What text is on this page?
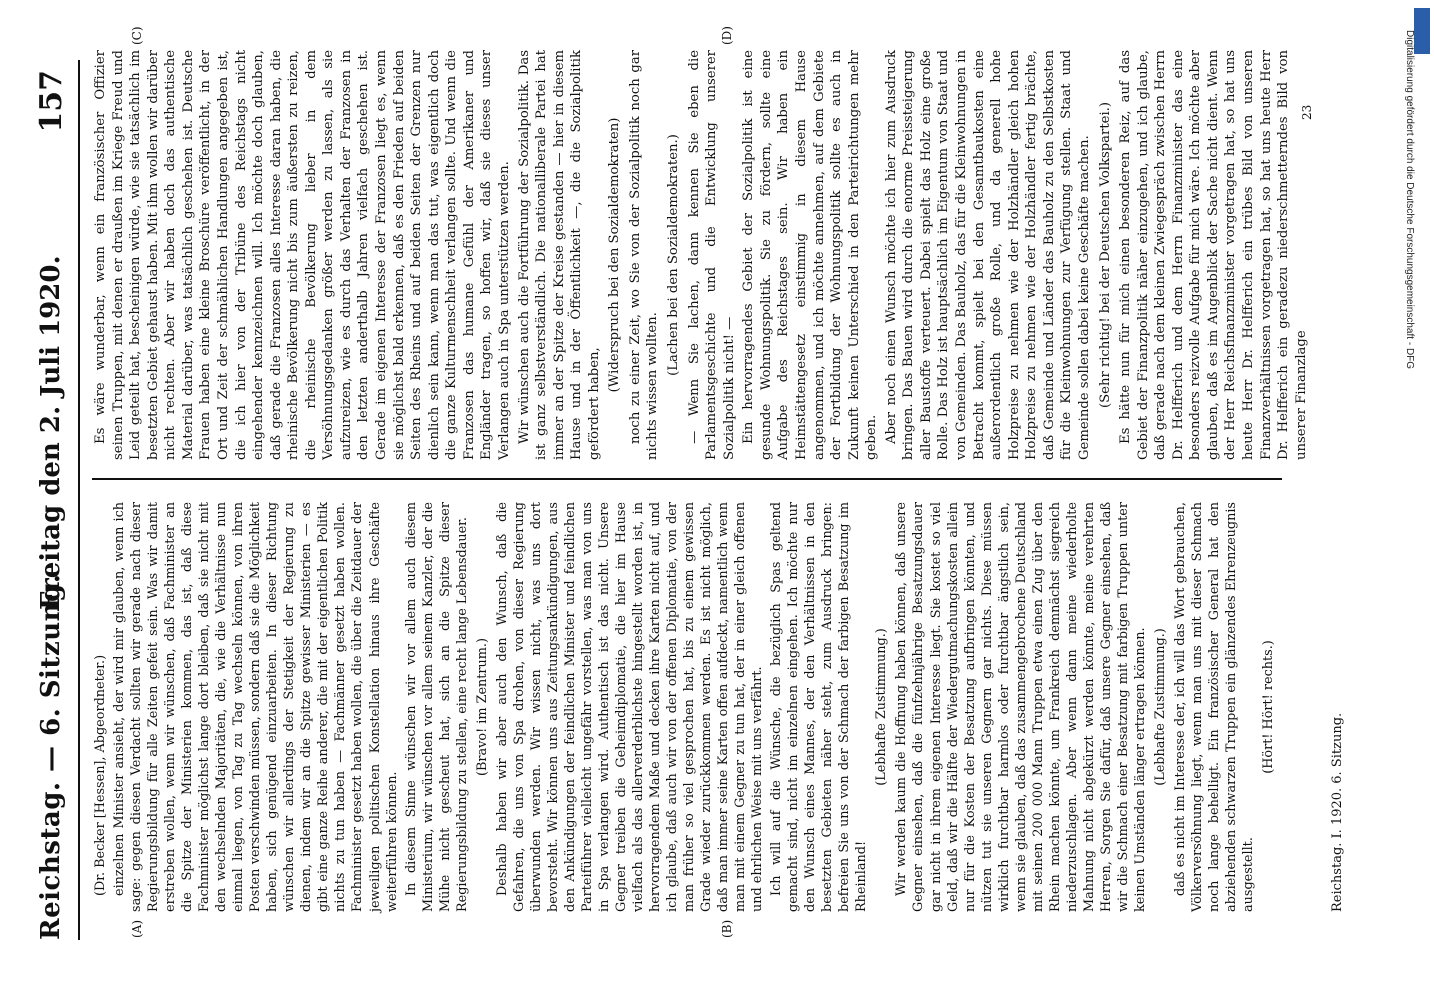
Reichstag. — 6. Sitzung.
Freitag den 2. Juli 1920.
157
(A)	(B)
(C)	(D)

(Dr. Becker [Hessen], Abgeordneter.) einzelnen Minister ansieht, der wird mir glauben, wenn ich sage: gegen diesen Verdacht sollten wir gerade nach dieser Regierungsbildung für alle Zeiten gefeit sein. Was wir damit erstreben wollen, wenn wir wünschen, daß Fachminister an die Spitze der Ministerien kommen, das ist, daß diese Fachminister möglichst lange dort bleiben, daß sie nicht mit den wechselnden Majoritäten, die, wie die Verhältnisse nun einmal liegen, von Tag zu Tag wechseln können, von ihren Posten verschwinden müssen, sondern daß sie die Möglichkeit haben, sich genügend einzuarbeiten. In dieser Richtung wünschen wir allerdings der Stetigkeit der Regierung zu dienen, indem wir an die Spitze gewisser Ministerien — es gibt eine ganze Reihe anderer, die mit der eigentlichen Politik nichts zu tun haben — Fachmänner gesetzt haben wollen. Fachminister gesetzt haben wollen, die über die Zeitdauer der jeweiligen politischen Konstellation hinaus ihre Geschäfte weiterführen können. In diesem Sinne wünschen wir vor allem auch diesem Ministerium, wir wünschen vor allem seinem Kanzler, der die Mühe nicht gescheut hat, sich an die Spitze dieser Regierungsbildung zu stellen, eine recht lange Lebensdauer. (Bravo! im Zentrum.) Deshalb haben wir aber auch den Wunsch, daß die Gefahren, die uns von Spa drohen, von dieser Regierung überwunden werden. Wir wissen nicht, was uns dort bevorsteht. Wir können uns aus Zeitungsankündigungen, aus den Ankündigungen der feindlichen Minister und feindlichen Parteiführer vielleicht ungefähr vorstellen, was man von uns in Spa verlangen wird. Authentisch ist das nicht. Unsere Gegner treiben die Geheimdiplomatie, die hier im Hause vielfach als das allerverderblichste hingestellt worden ist, in hervorragendem Maße und decken ihre Karten nicht auf, und ich glaube, daß auch wir von der offenen Diplomatie, von der man früher so viel gesprochen hat, bis zu einem gewissen Grade wieder zurückkommen werden. Es ist nicht möglich, daß man immer seine Karten offen aufdeckt, namentlich wenn man mit einem Gegner zu tun hat, der in einer gleich offenen und ehrlichen Weise mit uns verfährt. Ich will auf die Wünsche, die bezüglich Spas geltend gemacht sind, nicht im einzelnen eingehen. Ich möchte nur den Wunsch eines Mannes, der den Verhältnissen in den besetzten Gebieten näher steht, zum Ausdruck bringen: befreien Sie uns von der Schmach der farbigen Besatzung im Rheinland!

(Lebhafte Zustimmung.) Wir werden kaum die Hoffnung haben können, daß unsere Gegner einsehen, daß die fünfzehnjährige Besatzungsdauer gar nicht in ihrem eigenen Interesse liegt. Sie kostet so viel Geld, daß wir die Hälfte der Wiedergutmachungskosten allein nur für die Kosten der Besatzung aufbringen könnten, und nützen tut sie unseren Gegnern gar nichts. Diese müssen wirklich furchtbar harmlos oder furchtbar ängstlich sein, wenn sie glauben, daß das zusammengebrochene Deutschland mit seinen 200 000 Mann Truppen etwa einen Zug über den Rhein machen könnte, um Frankreich demnächst siegreich niederzuschlagen. Aber wenn dann meine wiederholte Mahnung nicht abgekürzt werden könnte, meine verehrten Herren, Sorgen Sie dafür, daß unsere Gegner einsehen, daß wir die Schmach einer Besatzung mit farbigen Truppen unter keinen Umständen länger ertragen können. (Lebhafte Zustimmung.) daß es nicht im Interesse der, ich will das Wort gebrauchen, Völkerversöhnung liegt, wenn man uns mit dieser Schmach noch lange behelligt. Ein französischer General hat den abziehenden schwarzen Truppen ein glänzendes Ehrenzeugnis ausgestellt.

(Hört! Hört! rechts.)

Es wäre wunderbar, wenn ein französischer Offizier seinen Truppen, mit denen er draußen im Kriege Freud und Leid geteilt hat, bescheinigen würde, wie sie tatsächlich im besetzten Gebiet gehaust haben. Mit ihm wollen wir darüber nicht rechten. Aber wir haben doch das authentische Material darüber, was tatsächlich geschehen ist. Deutsche Frauen haben eine kleine Broschüre veröffentlicht, in der Ort und Zeit der schmählichen Handlungen angegeben ist, die ich hier von der Tribüne des Reichstags nicht eingehender kennzeichnen will. Ich möchte doch glauben, daß gerade die Franzosen alles Interesse daran haben, die rheinische Bevölkerung nicht bis zum äußersten zu reizen, die rheinische Bevölkerung lieber in dem Versöhnungsgedanken größer werden zu lassen, als sie aufzureizen, wie es durch das Verhalten der Franzosen in den letzten anderthalb Jahren vielfach geschehen ist. Gerade im eigenen Interesse der Franzosen liegt es, wenn sie möglichst bald erkennen, daß es den Frieden auf beiden Seiten des Rheins und auf beiden Seiten der Grenzen nur dienlich sein kann, wenn man das tut, was eigentlich doch die ganze Kulturmenschheit verlangen sollte. Und wenn die Franzosen das humane Gefühl der Amerikaner und Engländer tragen, so hoffen wir, daß sie dieses unser Verlangen auch in Spa unterstützen werden. Wir wünschen auch die Fortführung der Sozialpolitik. Das ist ganz selbstverständlich. Die nationalliberale Partei hat immer an der Spitze der Kreise gestanden — hier in diesem Hause und in der Öffentlichkeit —, die die Sozialpolitik gefördert haben,

(Widerspruch bei den Sozialdemokraten) noch zu einer Zeit, wo Sie von der Sozialpolitik noch gar nichts wissen wollten.

(Lachen bei den Sozialdemokraten.) — Wenn Sie lachen, dann kennen Sie eben die Parlamentsgeschichte und die Entwicklung unserer Sozialpolitik nicht! — Ein hervorragendes Gebiet der Sozialpolitik ist eine gesunde Wohnungspolitik. Sie zu fördern, sollte eine Aufgabe des Reichstages sein. Wir haben ein Heimstättengesetz einstimmig in diesem Hause angenommen, und ich möchte annehmen, auf dem Gebiete der Fortbildung der Wohnungspolitik sollte es auch in Zukunft keinen Unterschied in den Parteirichtungen mehr geben. Aber noch einen Wunsch möchte ich hier zum Ausdruck bringen. Das Bauen wird durch die enorme Preissteigerung aller Baustoffe verteuert. Dabei spielt das Holz eine große Rolle. Das Holz ist hauptsächlich im Eigentum von Staat und von Gemeinden. Das Bauholz, das für die Kleinwohnungen in Betracht kommt, spielt bei den Gesamtbaukosten eine außerordentlich große Rolle, und da generell hohe Holzpreise zu nehmen wie der Holzhändler gleich hohen Holzpreise zu nehmen wie der Holzhändler fertig brächte, daß Gemeinde und Länder das Bauholz zu den Selbstkosten für die Kleinwohnungen zur Verfügung stellen. Staat und Gemeinde sollen dabei keine Geschäfte machen. (Sehr richtig! bei der Deutschen Volkspartei.) Es hätte nun für mich einen besonderen Reiz, auf das Gebiet der Finanzpolitik näher einzugehen, und ich glaube, daß gerade nach dem kleinen Zwiegespräch zwischen Herrn Dr. Helfferich und dem Herrn Finanzminister das eine besonders reizvolle Aufgabe für mich wäre. Ich möchte aber glauben, daß es im Augenblick der Sache nicht dient. Wenn der Herr Reichsfinanzminister vorgetragen hat, so hat uns heute Herr Dr. Helfferich ein trübes Bild von unseren Finanzverhältnissen vorgetragen hat, so hat uns heute Herr Dr. Helfferich ein geradezu niederschmetterndes Bild von unserer Finanzlage

Reichstag. I. 1920. 6. Sitzung.
23	Digitalisierung gefördert durch die Deutsche Forschungsgemeinschaft - DFG
